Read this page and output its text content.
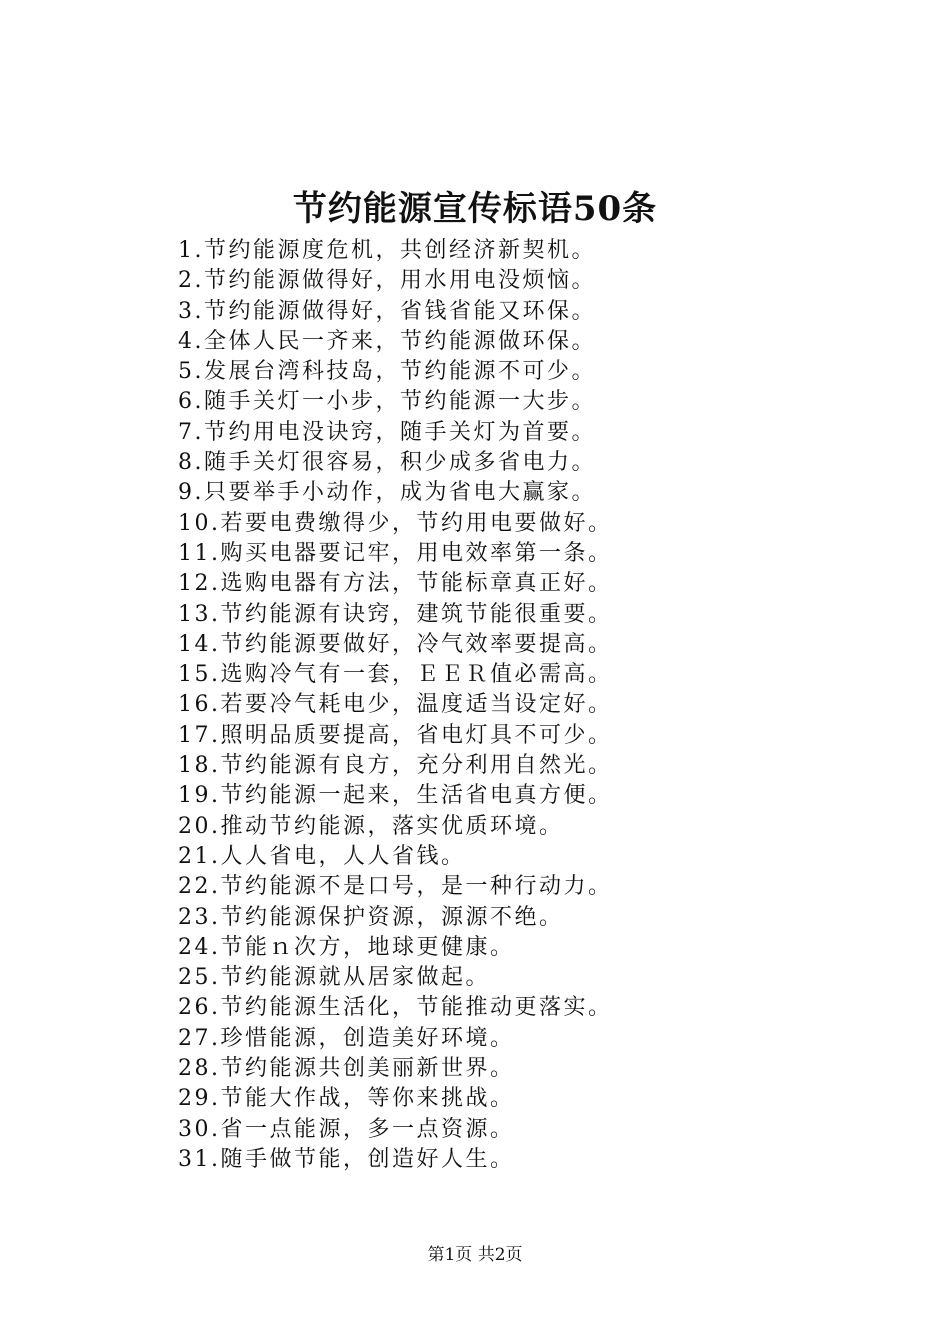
节约能源宣传标语50条
1.节约能源度危机，共创经济新契机。
2.节约能源做得好，用水用电没烦恼。
3.节约能源做得好，省钱省能又环保。
4.全体人民一齐来，节约能源做环保。
5.发展台湾科技岛，节约能源不可少。
6.随手关灯一小步，节约能源一大步。
7.节约用电没诀窍，随手关灯为首要。
8.随手关灯很容易，积少成多省电力。
9.只要举手小动作，成为省电大赢家。
10.若要电费缴得少，节约用电要做好。
11.购买电器要记牢，用电效率第一条。
12.选购电器有方法，节能标章真正好。
13.节约能源有诀窍，建筑节能很重要。
14.节约能源要做好，冷气效率要提高。
15.选购冷气有一套，ＥＥＲ值必需高。
16.若要冷气耗电少，温度适当设定好。
17.照明品质要提高，省电灯具不可少。
18.节约能源有良方，充分利用自然光。
19.节约能源一起来，生活省电真方便。
20.推动节约能源，落实优质环境。
21.人人省电，人人省钱。
22.节约能源不是口号，是一种行动力。
23.节约能源保护资源，源源不绝。
24.节能ｎ次方，地球更健康。
25.节约能源就从居家做起。
26.节约能源生活化，节能推动更落实。
27.珍惜能源，创造美好环境。
28.节约能源共创美丽新世界。
29.节能大作战，等你来挑战。
30.省一点能源，多一点资源。
31.随手做节能，创造好人生。
第1页 共2页
